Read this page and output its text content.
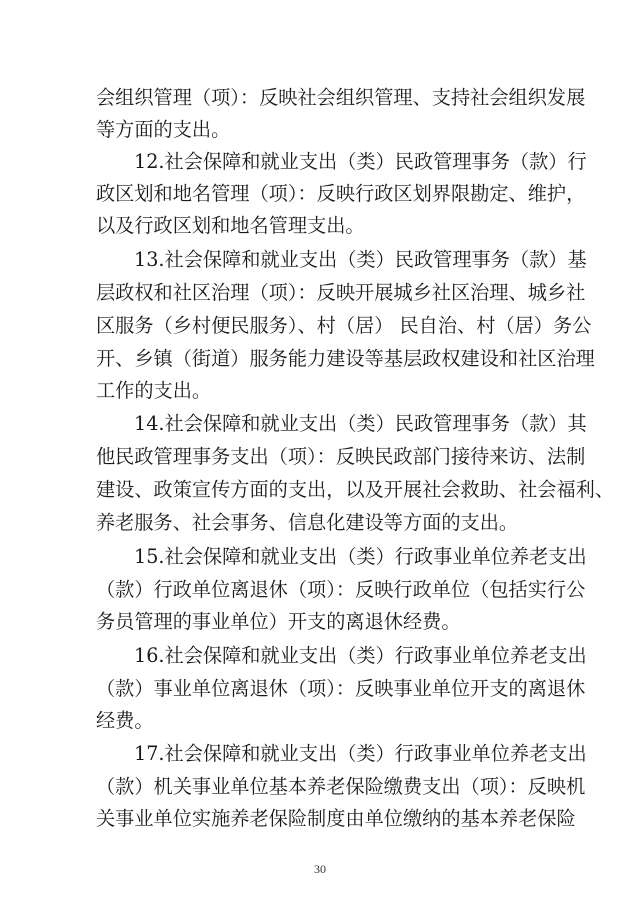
会组织管理（项）：反映社会组织管理、支持社会组织发展
等方面的支出。
12.社会保障和就业支出（类）民政管理事务（款）行
政区划和地名管理（项）：反映行政区划界限勘定、维护，
以及行政区划和地名管理支出。
13.社会保障和就业支出（类）民政管理事务（款）基
层政权和社区治理（项）：反映开展城乡社区治理、城乡社
区服务（乡村便民服务）、村（居） 民自治、村（居）务公
开、乡镇（街道）服务能力建设等基层政权建设和社区治理
工作的支出。
14.社会保障和就业支出（类）民政管理事务（款）其
他民政管理事务支出（项）：反映民政部门接待来访、法制
建设、政策宣传方面的支出，以及开展社会救助、社会福利、
养老服务、社会事务、信息化建设等方面的支出。
15.社会保障和就业支出（类）行政事业单位养老支出
（款）行政单位离退休（项）：反映行政单位（包括实行公
务员管理的事业单位）开支的离退休经费。
16.社会保障和就业支出（类）行政事业单位养老支出
（款）事业单位离退休（项）：反映事业单位开支的离退休
经费。
17.社会保障和就业支出（类）行政事业单位养老支出
（款）机关事业单位基本养老保险缴费支出（项）：反映机
关事业单位实施养老保险制度由单位缴纳的基本养老保险
30
